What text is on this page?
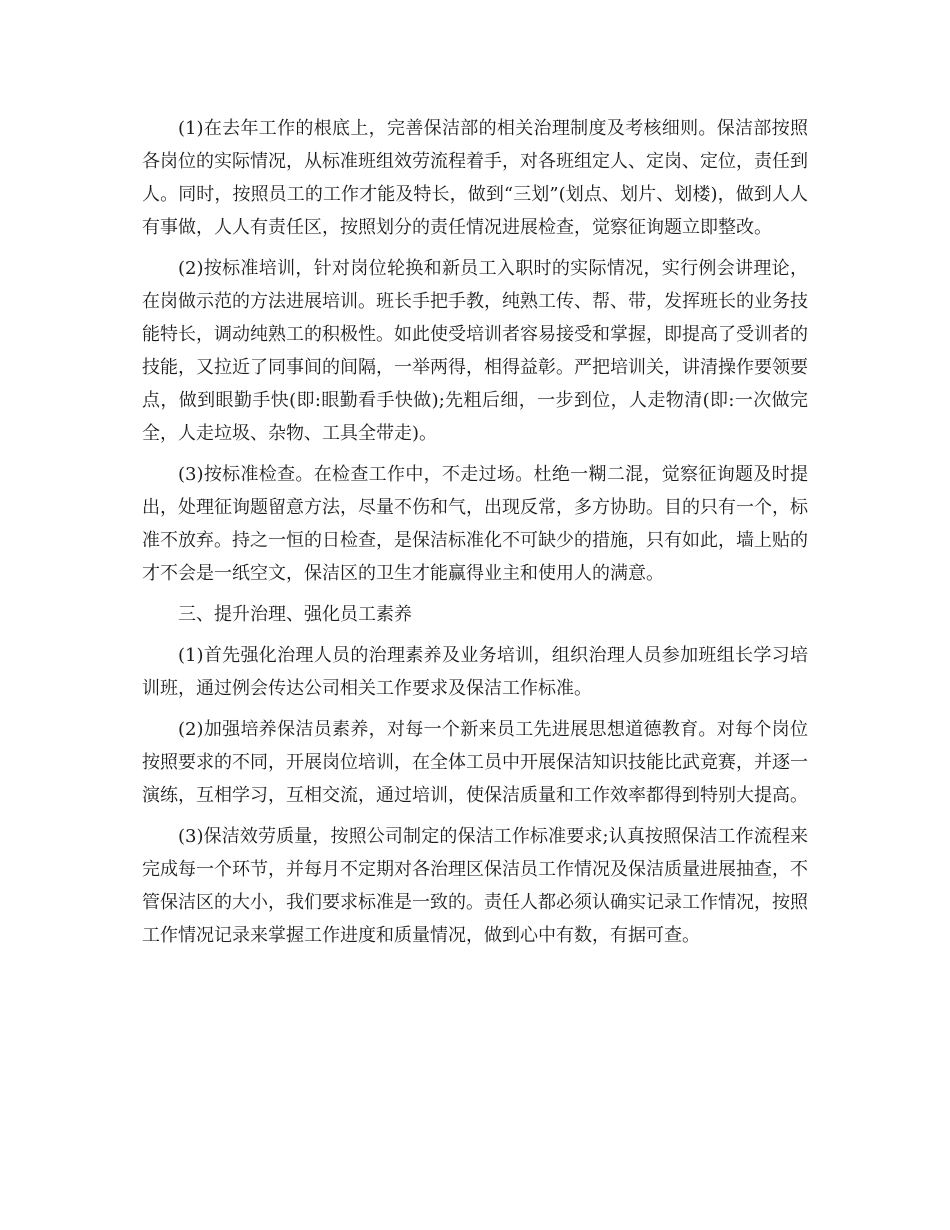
(1)在去年工作的根底上，完善保洁部的相关治理制度及考核细则。保洁部按照各岗位的实际情况，从标准班组效劳流程着手，对各班组定人、定岗、定位，责任到人。同时，按照员工的工作才能及特长，做到“三划”(划点、划片、划楼)，做到人人有事做，人人有责任区，按照划分的责任情况进展检查，觉察征询题立即整改。

(2)按标准培训，针对岗位轮换和新员工入职时的实际情况，实行例会讲理论，在岗做示范的方法进展培训。班长手把手教，纯熟工传、帮、带，发挥班长的业务技能特长，调动纯熟工的积极性。如此使受培训者容易接受和掌握，即提高了受训者的技能，又拉近了同事间的间隔，一举两得，相得益彰。严把培训关，讲清操作要领要点，做到眼勤手快(即:眼勤看手快做);先粗后细，一步到位，人走物清(即:一次做完全，人走垃圾、杂物、工具全带走)。

(3)按标准检查。在检查工作中，不走过场。杜绝一糊二混，觉察征询题及时提出，处理征询题留意方法，尽量不伤和气，出现反常，多方协助。目的只有一个，标准不放弃。持之一恒的日检查，是保洁标准化不可缺少的措施，只有如此，墙上贴的才不会是一纸空文，保洁区的卫生才能赢得业主和使用人的满意。

三、提升治理、强化员工素养

(1)首先强化治理人员的治理素养及业务培训，组织治理人员参加班组长学习培训班，通过例会传达公司相关工作要求及保洁工作标准。

(2)加强培养保洁员素养，对每一个新来员工先进展思想道德教育。对每个岗位按照要求的不同，开展岗位培训，在全体工员中开展保洁知识技能比武竟赛，并逐一演练，互相学习，互相交流，通过培训，使保洁质量和工作效率都得到特别大提高。

(3)保洁效劳质量，按照公司制定的保洁工作标准要求;认真按照保洁工作流程来完成每一个环节，并每月不定期对各治理区保洁员工作情况及保洁质量进展抽查，不管保洁区的大小，我们要求标准是一致的。责任人都必须认确实记录工作情况，按照工作情况记录来掌握工作进度和质量情况，做到心中有数，有据可查。
